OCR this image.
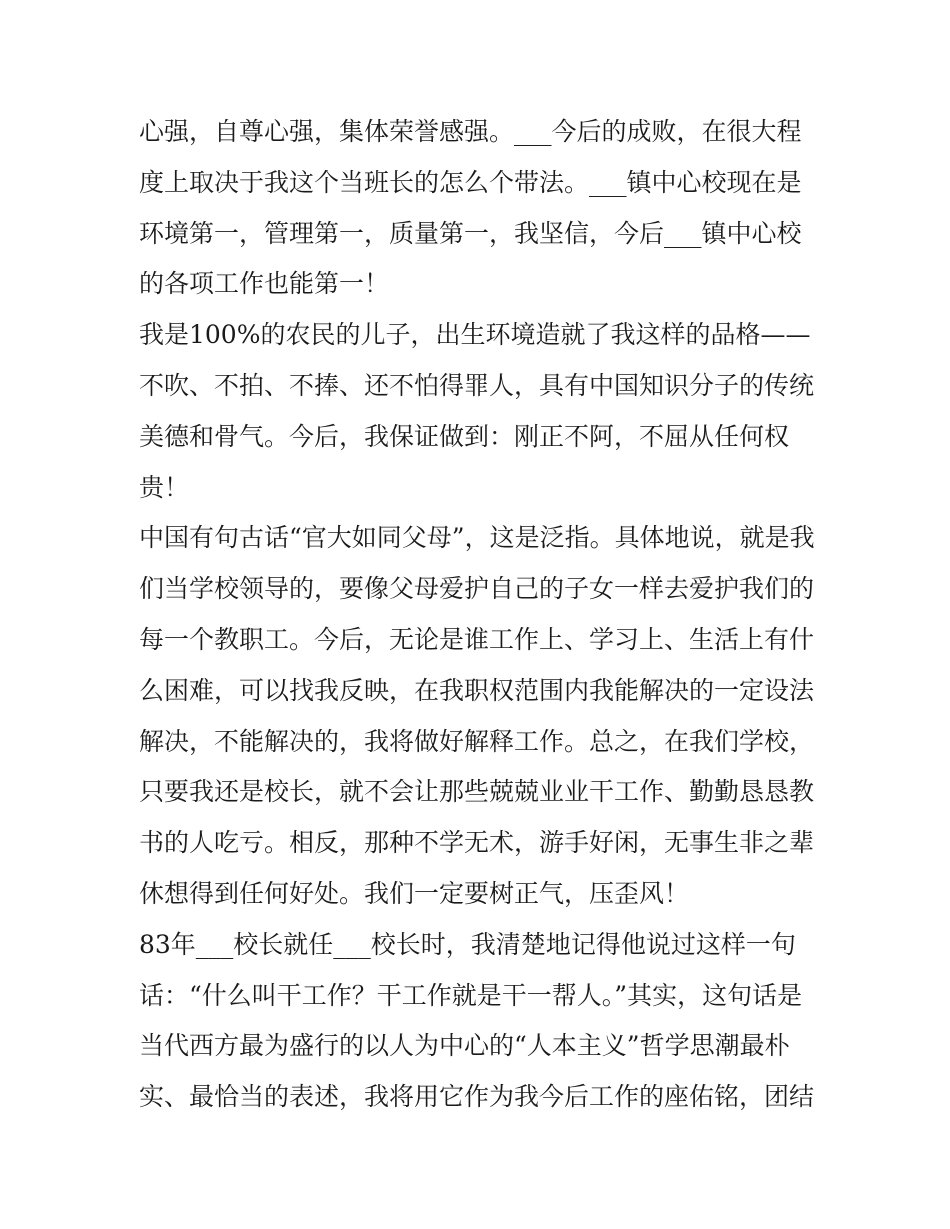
心强，自尊心强，集体荣誉感强。___今后的成败，在很大程
度上取决于我这个当班长的怎么个带法。___镇中心校现在是
环境第一，管理第一，质量第一，我坚信，今后___镇中心校
的各项工作也能第一！
我是100%的农民的儿子，出生环境造就了我这样的品格——
不吹、不拍、不捧、还不怕得罪人，具有中国知识分子的传统
美德和骨气。今后，我保证做到：刚正不阿，不屈从任何权
贵！
中国有句古话“官大如同父母”，这是泛指。具体地说，就是我
们当学校领导的，要像父母爱护自己的子女一样去爱护我们的
每一个教职工。今后，无论是谁工作上、学习上、生活上有什
么困难，可以找我反映，在我职权范围内我能解决的一定设法
解决，不能解决的，我将做好解释工作。总之，在我们学校，
只要我还是校长，就不会让那些兢兢业业干工作、勤勤恳恳教
书的人吃亏。相反，那种不学无术，游手好闲，无事生非之辈
休想得到任何好处。我们一定要树正气，压歪风！
83年___校长就任___校长时，我清楚地记得他说过这样一句
话：“什么叫干工作？干工作就是干一帮人。”其实，这句话是
当代西方最为盛行的以人为中心的“人本主义”哲学思潮最朴
实、最恰当的表述，我将用它作为我今后工作的座佑铭，团结
